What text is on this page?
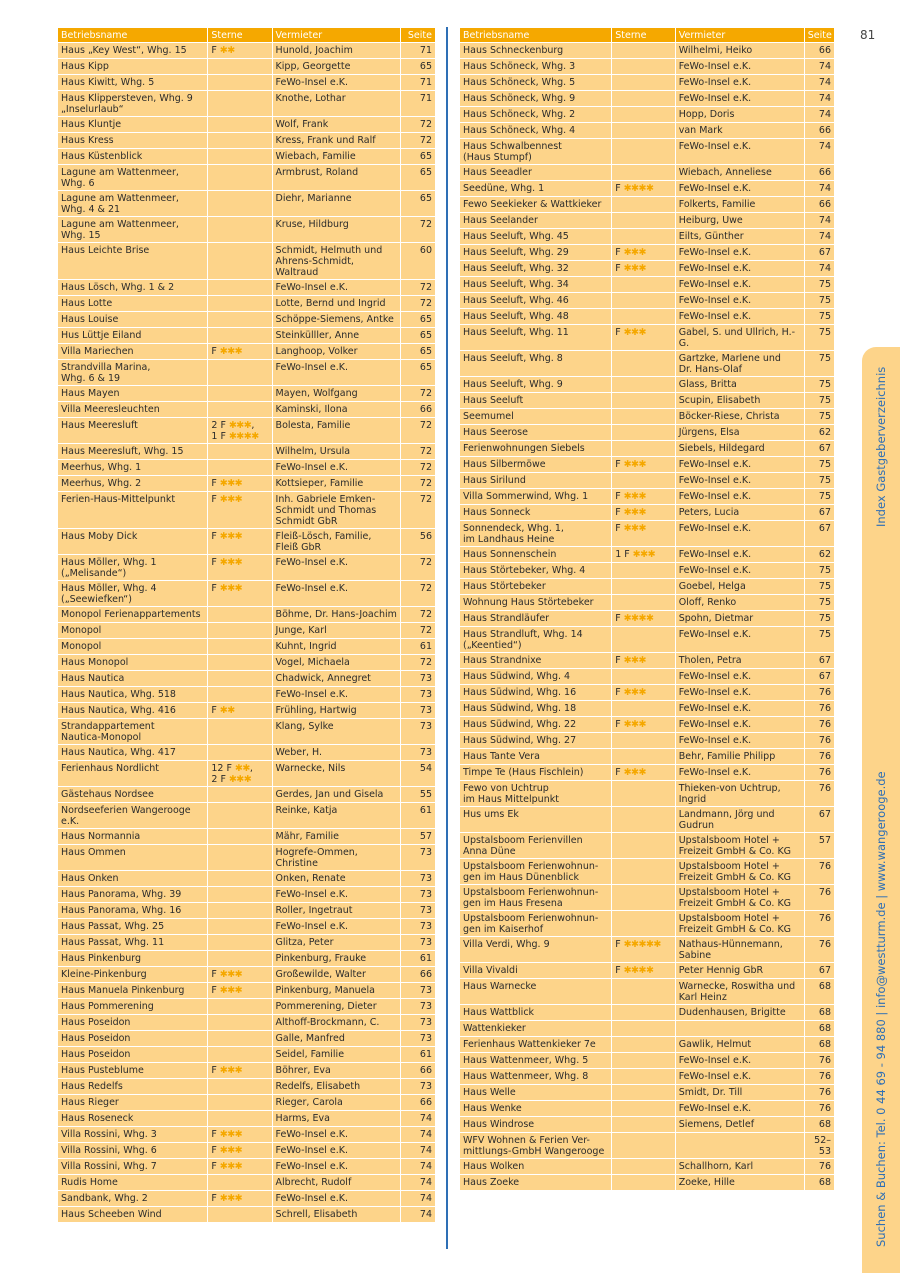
Betriebsname	Sterne	Vermieter	Seite
Haus „Key West“, Whg. 15	F ✱✱	Hunold, Joachim	71
Haus Kipp		Kipp, Georgette	65
Haus Kiwitt, Whg. 5		FeWo-Insel e.K.	71
Haus Klippersteven, Whg. 9
„Inselurlaub“		Knothe, Lothar	71
Haus Kluntje		Wolf, Frank	72
Haus Kress		Kress, Frank und Ralf	72
Haus Küstenblick		Wiebach, Familie	65
Lagune am Wattenmeer,
Whg. 6		Armbrust, Roland	65
Lagune am Wattenmeer,
Whg. 4 & 21		Diehr, Marianne	65
Lagune am Wattenmeer,
Whg. 15		Kruse, Hildburg	72
Haus Leichte Brise		Schmidt, Helmuth und
Ahrens-Schmidt, Waltraud	60
Haus Lösch, Whg. 1 & 2		FeWo-Insel e.K.	72
Haus Lotte		Lotte, Bernd und Ingrid	72
Haus Louise		Schöppe-Siemens, Antke	65
Hus Lüttje Eiland		Steinkülller, Anne	65
Villa Mariechen	F ✱✱✱	Langhoop, Volker	65
Strandvilla Marina,
Whg. 6 & 19		FeWo-Insel e.K.	65
Haus Mayen		Mayen, Wolfgang	72
Villa Meeresleuchten		Kaminski, Ilona	66
Haus Meeresluft	2 F ✱✱✱,
1 F ✱✱✱✱	Bolesta, Familie	72
Haus Meeresluft, Whg. 15		Wilhelm, Ursula	72
Meerhus, Whg. 1		FeWo-Insel e.K.	72
Meerhus, Whg. 2	F ✱✱✱	Kottsieper, Familie	72
Ferien-Haus-Mittelpunkt	F ✱✱✱	Inh. Gabriele Emken-
Schmidt und Thomas
Schmidt GbR	72
Haus Moby Dick	F ✱✱✱	Fleiß-Lösch, Familie,
Fleiß GbR	56
Haus Möller, Whg. 1
(„Melisande“)	F ✱✱✱	FeWo-Insel e.K.	72
Haus Möller, Whg. 4
(„Seewiefken“)	F ✱✱✱	FeWo-Insel e.K.	72
Monopol Ferienappartements		Böhme, Dr. Hans-Joachim	72
Monopol		Junge, Karl	72
Monopol		Kuhnt, Ingrid	61
Haus Monopol		Vogel, Michaela	72
Haus Nautica		Chadwick, Annegret	73
Haus Nautica, Whg. 518		FeWo-Insel e.K.	73
Haus Nautica, Whg. 416	F ✱✱	Frühling, Hartwig	73
Strandappartement
Nautica-Monopol		Klang, Sylke	73
Haus Nautica, Whg. 417		Weber, H.	73
Ferienhaus Nordlicht	12 F ✱✱,
2 F ✱✱✱	Warnecke, Nils	54
Gästehaus Nordsee		Gerdes, Jan und Gisela	55
Nordseeferien Wangerooge e.K.		Reinke, Katja	61
Haus Normannia		Mähr, Familie	57
Haus Ommen		Hogrefe-Ommen, Christine	73
Haus Onken		Onken, Renate	73
Haus Panorama, Whg. 39		FeWo-Insel e.K.	73
Haus Panorama, Whg. 16		Roller, Ingetraut	73
Haus Passat, Whg. 25		FeWo-Insel e.K.	73
Haus Passat, Whg. 11		Glitza, Peter	73
Haus Pinkenburg		Pinkenburg, Frauke	61
Kleine-Pinkenburg	F ✱✱✱	Großewilde, Walter	66
Haus Manuela Pinkenburg	F ✱✱✱	Pinkenburg, Manuela	73
Haus Pommerening		Pommerening, Dieter	73
Haus Poseidon		Althoff-Brockmann, C.	73
Haus Poseidon		Galle, Manfred	73
Haus Poseidon		Seidel, Familie	61
Haus Pusteblume	F ✱✱✱	Böhrer, Eva	66
Haus Redelfs		Redelfs, Elisabeth	73
Haus Rieger		Rieger, Carola	66
Haus Roseneck		Harms, Eva	74
Villa Rossini, Whg. 3	F ✱✱✱	FeWo-Insel e.K.	74
Villa Rossini, Whg. 6	F ✱✱✱	FeWo-Insel e.K.	74
Villa Rossini, Whg. 7	F ✱✱✱	FeWo-Insel e.K.	74
Rudis Home		Albrecht, Rudolf	74
Sandbank, Whg. 2	F ✱✱✱	FeWo-Insel e.K.	74
Haus Scheeben Wind		Schrell, Elisabeth	74
Betriebsname	Sterne	Vermieter	Seite
Haus Schneckenburg		Wilhelmi, Heiko	66
Haus Schöneck, Whg. 3		FeWo-Insel e.K.	74
Haus Schöneck, Whg. 5		FeWo-Insel e.K.	74
Haus Schöneck, Whg. 9		FeWo-Insel e.K.	74
Haus Schöneck, Whg. 2		Hopp, Doris	74
Haus Schöneck, Whg. 4		van Mark	66
Haus Schwalbennest
(Haus Stumpf)		FeWo-Insel e.K.	74
Haus Seeadler		Wiebach, Anneliese	66
Seedüne, Whg. 1	F ✱✱✱✱	FeWo-Insel e.K.	74
Fewo Seekieker & Wattkieker		Folkerts, Familie	66
Haus Seelander		Heiburg, Uwe	74
Haus Seeluft, Whg. 45		Eilts, Günther	74
Haus Seeluft, Whg. 29	F ✱✱✱	FeWo-Insel e.K.	67
Haus Seeluft, Whg. 32	F ✱✱✱	FeWo-Insel e.K.	74
Haus Seeluft, Whg. 34		FeWo-Insel e.K.	75
Haus Seeluft, Whg. 46		FeWo-Insel e.K.	75
Haus Seeluft, Whg. 48		FeWo-Insel e.K.	75
Haus Seeluft, Whg. 11	F ✱✱✱	Gabel, S. und Ullrich, H.-G.	75
Haus Seeluft, Whg. 8		Gartzke, Marlene und
Dr. Hans-Olaf	75
Haus Seeluft, Whg. 9		Glass, Britta	75
Haus Seeluft		Scupin, Elisabeth	75
Seemumel		Böcker-Riese, Christa	75
Haus Seerose		Jürgens, Elsa	62
Ferienwohnungen Siebels		Siebels, Hildegard	67
Haus Silbermöwe	F ✱✱✱	FeWo-Insel e.K.	75
Haus Sirilund		FeWo-Insel e.K.	75
Villa Sommerwind, Whg. 1	F ✱✱✱	FeWo-Insel e.K.	75
Haus Sonneck	F ✱✱✱	Peters, Lucia	67
Sonnendeck, Whg. 1,
im Landhaus Heine	F ✱✱✱	FeWo-Insel e.K.	67
Haus Sonnenschein	1 F ✱✱✱	FeWo-Insel e.K.	62
Haus Störtebeker, Whg. 4		FeWo-Insel e.K.	75
Haus Störtebeker		Goebel, Helga	75
Wohnung Haus Störtebeker		Oloff, Renko	75
Haus Strandläufer	F ✱✱✱✱	Spohn, Dietmar	75
Haus Strandluft, Whg. 14
(„Keentied“)		FeWo-Insel e.K.	75
Haus Strandnixe	F ✱✱✱	Tholen, Petra	67
Haus Südwind, Whg. 4		FeWo-Insel e.K.	67
Haus Südwind, Whg. 16	F ✱✱✱	FeWo-Insel e.K.	76
Haus Südwind, Whg. 18		FeWo-Insel e.K.	76
Haus Südwind, Whg. 22	F ✱✱✱	FeWo-Insel e.K.	76
Haus Südwind, Whg. 27		FeWo-Insel e.K.	76
Haus Tante Vera		Behr, Familie Philipp	76
Timpe Te (Haus Fischlein)	F ✱✱✱	FeWo-Insel e.K.	76
Fewo von Uchtrup
im Haus Mittelpunkt		Thieken-von Uchtrup,
Ingrid	76
Hus ums Ek		Landmann, Jörg und
Gudrun	67
Upstalsboom Ferienvillen
Anna Düne		Upstalsboom Hotel +
Freizeit GmbH & Co. KG	57
Upstalsboom Ferienwohnun-
gen im Haus Dünenblick		Upstalsboom Hotel +
Freizeit GmbH & Co. KG	76
Upstalsboom Ferienwohnun-
gen im Haus Fresena		Upstalsboom Hotel +
Freizeit GmbH & Co. KG	76
Upstalsboom Ferienwohnun-
gen im Kaiserhof		Upstalsboom Hotel +
Freizeit GmbH & Co. KG	76
Villa Verdi, Whg. 9	F ✱✱✱✱✱	Nathaus-Hünnemann,
Sabine	76
Villa Vivaldi	F ✱✱✱✱	Peter Hennig GbR	67
Haus Warnecke		Warnecke, Roswitha und
Karl Heinz	68
Haus Wattblick		Dudenhausen, Brigitte	68
Wattenkieker			68
Ferienhaus Wattenkieker 7e		Gawlik, Helmut	68
Haus Wattenmeer, Whg. 5		FeWo-Insel e.K.	76
Haus Wattenmeer, Whg. 8		FeWo-Insel e.K.	76
Haus Welle		Smidt, Dr. Till	76
Haus Wenke		FeWo-Insel e.K.	76
Haus Windrose		Siemens, Detlef	68
WFV Wohnen & Ferien Ver-
mittlungs-GmbH Wangerooge			52–
53
Haus Wolken		Schallhorn, Karl	76
Haus Zoeke		Zoeke, Hille	68
81
Index Gastgeberverzeichnis
Suchen & Buchen: Tel. 0 44 69 - 94 880 | info@westturm.de | www.wangerooge.de
